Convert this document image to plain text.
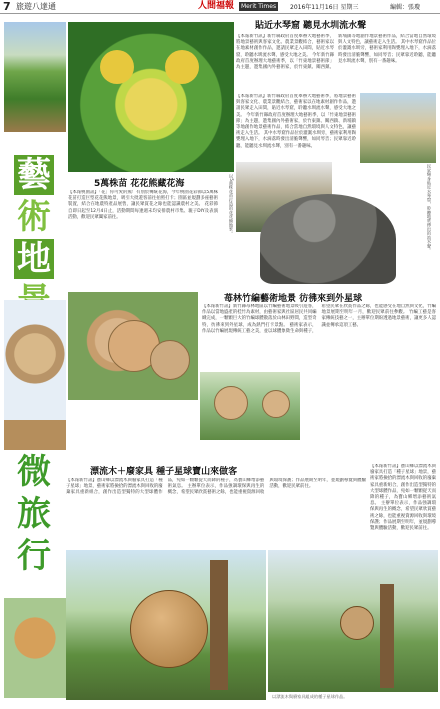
7 旅遊八達通	人間福報	Merit Times	2016年11月16日 星期三	編輯：張瓊
藝
術
地
5萬株苗 花花熊藏花海
【本報桃園訊】「花」你可愛的熊！有別於傳統花海，今年桃園花彩節以5萬株花苗打造巨型花花熊地景，吸引大批遊客前往拍照打卡；園區並規劃多座藝術裝置，結合在地農特產品展售，讓民眾賞花之餘也能認識農村之美。 花彩節自即日起至12月4日止，活動期間每逢週末均安排農村市集、親子DIY及表演活動，歡迎民眾闔家前往。	以5萬株花苗打造的花花熊地景。
貼近水琴窟 聽見水圳流水聲
【本報新竹訊】新竹縣政府首度舉辦大地藝術季，將地景藝術與客家文化、農業景觀結合，藝術家以在地素材創作作品，邀請民眾走入田間，貼近水琴窟，聆聽水圳流水聲，感受大地之美。 今年新竹縣政府首度辦理大地藝術季，以「竹東地景藝術節」為主題，邀集國內外藝術家，於竹東鎮、關西鎮、新埔鎮等地創作地景藝術作品，結合當地自然環境與人文特色，讓藝術走入生活。 其中水琴窟作品位於灌溉水圳旁，藝術家利用陶甕埋入地下，水滴落時發出清脆聲響，如同琴音；民眾靠近聆聽，能聽見水圳流水聲，別有一番趣味。
【本報新竹訊】新竹縣政府首度舉辦大地藝術季，將地景藝術與客家文化、農業景觀結合，藝術家以在地素材創作作品，邀請民眾走入田間，貼近水琴窟，聆聽水圳流水聲，感受大地之美。 今年新竹縣政府首度辦理大地藝術季，以「竹東地景藝術節」為主題，邀集國內外藝術家，於竹東鎮、關西鎮、新埔鎮等地創作地景藝術作品，結合當地自然環境與人文特色，讓藝術走入生活。 其中水琴窟作品位於灌溉水圳旁，藝術家利用陶甕埋入地下，水滴落時發出清脆聲響，如同琴音；民眾靠近聆聽，能聽見水圳流水聲，別有一番趣味。
民眾彎身貼近水琴窟，聆聽地底傳出的流水聲。
苺林竹編藝術地景 彷彿來到外星球
【本報新竹訊】新竹縣苺林地區以竹編藝術地景吸引遊客，作品以當地盛產的桂竹為素材，由藝術家與社區居民共同編織完成，一顆顆巨大的竹編球體散落於山林田野間，造型奇特，彷彿來到外星球，成為熱門打卡景點。 藝術家表示，作品以竹編展現傳統工藝之美，並以球體象徵生命與種子，希望民眾在欣賞作品之餘，也能感受在地自然與文化，竹編地景展期至明年一月，歡迎民眾前往參觀。 竹編工藝是客家傳統技藝之一，主辦單位期盼透過地景藝術，讓更多人認識並傳承這項工藝。
微
旅
行
漂流木＋廢家具 種子星球寶山來做客
【本報新竹訊】寶山鄉以漂流木與廢家具打造「種子星球」地景，藝術家將撿拾的漂流木與回收的廢棄家具重新組合，創作出造型獨特的大型球體作品，宛如一顆顆從天而降的種子，為寶山鄉增添藝術氣息。 主辦單位表示，作品強調環保與再生的概念，希望民眾欣賞藝術之餘，也能重視資源回收與環境保護；作品展期至明年，並規劃導覽與體驗活動，歡迎民眾前往。
【本報新竹訊】寶山鄉以漂流木與廢家具打造「種子星球」地景，藝術家將撿拾的漂流木與回收的廢棄家具重新組合，創作出造型獨特的大型球體作品，宛如一顆顆從天而降的種子，為寶山鄉增添藝術氣息。 主辦單位表示，作品強調環保與再生的概念，希望民眾欣賞藝術之餘，也能重視資源回收與環境保護；作品展期至明年，並規劃導覽與體驗活動，歡迎民眾前往。
以漂流木與廢家具組成的種子星球作品。
